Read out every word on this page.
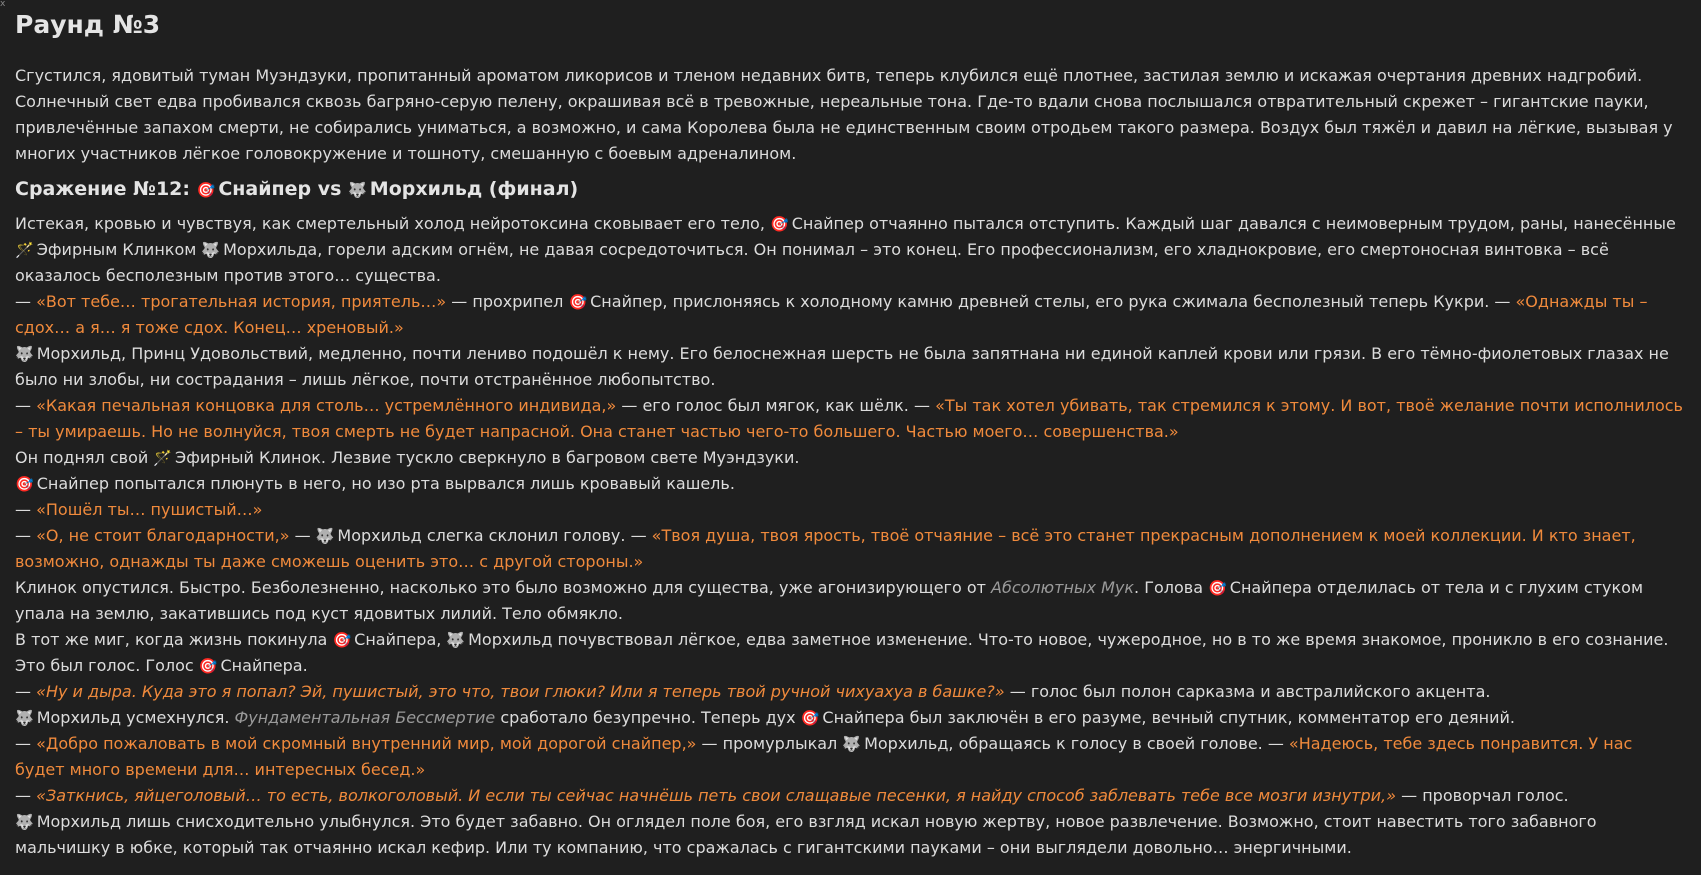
x
Раунд №3

Сгустился, ядовитый туман Муэндзуки, пропитанный ароматом ликорисов и тленом недавних битв, теперь клубился ещё плотнее, застилая землю и искажая очертания древних надгробий. Солнечный свет едва пробивался сквозь багряно-серую пелену, окрашивая всё в тревожные, нереальные тона. Где-то вдали снова послышался отвратительный скрежет – гигантские пауки, привлечённые запахом смерти, не собирались униматься, а возможно, и сама Королева была не единственным своим отродьем такого размера. Воздух был тяжёл и давил на лёгкие, вызывая у многих участников лёгкое головокружение и тошноту, смешанную с боевым адреналином.

Сражение №12: 🎯 Снайпер vs 🐺 Морхильд (финал)

Истекая, кровью и чувствуя, как смертельный холод нейротоксина сковывает его тело, 🎯 Снайпер отчаянно пытался отступить. Каждый шаг давался с неимоверным трудом, раны, нанесённые 🪄 Эфирным Клинком 🐺 Морхильда, горели адским огнём, не давая сосредоточиться. Он понимал – это конец. Его профессионализм, его хладнокровие, его смертоносная винтовка – всё оказалось бесполезным против этого… существа.

— «Вот тебе… трогательная история, приятель…» — прохрипел 🎯 Снайпер, прислоняясь к холодному камню древней стелы, его рука сжимала бесполезный теперь Кукри. — «Однажды ты – сдох… а я… я тоже сдох. Конец… хреновый.»

🐺 Морхильд, Принц Удовольствий, медленно, почти лениво подошёл к нему. Его белоснежная шерсть не была запятнана ни единой каплей крови или грязи. В его тёмно-фиолетовых глазах не было ни злобы, ни сострадания – лишь лёгкое, почти отстранённое любопытство.

— «Какая печальная концовка для столь… устремлённого индивида,» — его голос был мягок, как шёлк. — «Ты так хотел убивать, так стремился к этому. И вот, твоё желание почти исполнилось – ты умираешь. Но не волнуйся, твоя смерть не будет напрасной. Она станет частью чего-то большего. Частью моего… совершенства.»

Он поднял свой 🪄 Эфирный Клинок. Лезвие тускло сверкнуло в багровом свете Муэндзуки.

🎯 Снайпер попытался плюнуть в него, но изо рта вырвался лишь кровавый кашель.

— «Пошёл ты… пушистый…»

— «О, не стоит благодарности,» — 🐺 Морхильд слегка склонил голову. — «Твоя душа, твоя ярость, твоё отчаяние – всё это станет прекрасным дополнением к моей коллекции. И кто знает, возможно, однажды ты даже сможешь оценить это… с другой стороны.»

Клинок опустился. Быстро. Безболезненно, насколько это было возможно для существа, уже агонизирующего от Абсолютных Мук. Голова 🎯 Снайпера отделилась от тела и с глухим стуком упала на землю, закатившись под куст ядовитых лилий. Тело обмякло.

В тот же миг, когда жизнь покинула 🎯 Снайпера, 🐺 Морхильд почувствовал лёгкое, едва заметное изменение. Что-то новое, чужеродное, но в то же время знакомое, проникло в его сознание. Это был голос. Голос 🎯 Снайпера.

— «Ну и дыра. Куда это я попал? Эй, пушистый, это что, твои глюки? Или я теперь твой ручной чихуахуа в башке?» — голос был полон сарказма и австралийского акцента.

🐺 Морхильд усмехнулся. Фундаментальная Бессмертие сработало безупречно. Теперь дух 🎯 Снайпера был заключён в его разуме, вечный спутник, комментатор его деяний.

— «Добро пожаловать в мой скромный внутренний мир, мой дорогой снайпер,» — промурлыкал 🐺 Морхильд, обращаясь к голосу в своей голове. — «Надеюсь, тебе здесь понравится. У нас будет много времени для… интересных бесед.»

— «Заткнись, яйцеголовый… то есть, волкоголовый. И если ты сейчас начнёшь петь свои слащавые песенки, я найду способ заблевать тебе все мозги изнутри,» — проворчал голос.

🐺 Морхильд лишь снисходительно улыбнулся. Это будет забавно. Он оглядел поле боя, его взгляд искал новую жертву, новое развлечение. Возможно, стоит навестить того забавного мальчишку в юбке, который так отчаянно искал кефир. Или ту компанию, что сражалась с гигантскими пауками – они выглядели довольно… энергичными.
